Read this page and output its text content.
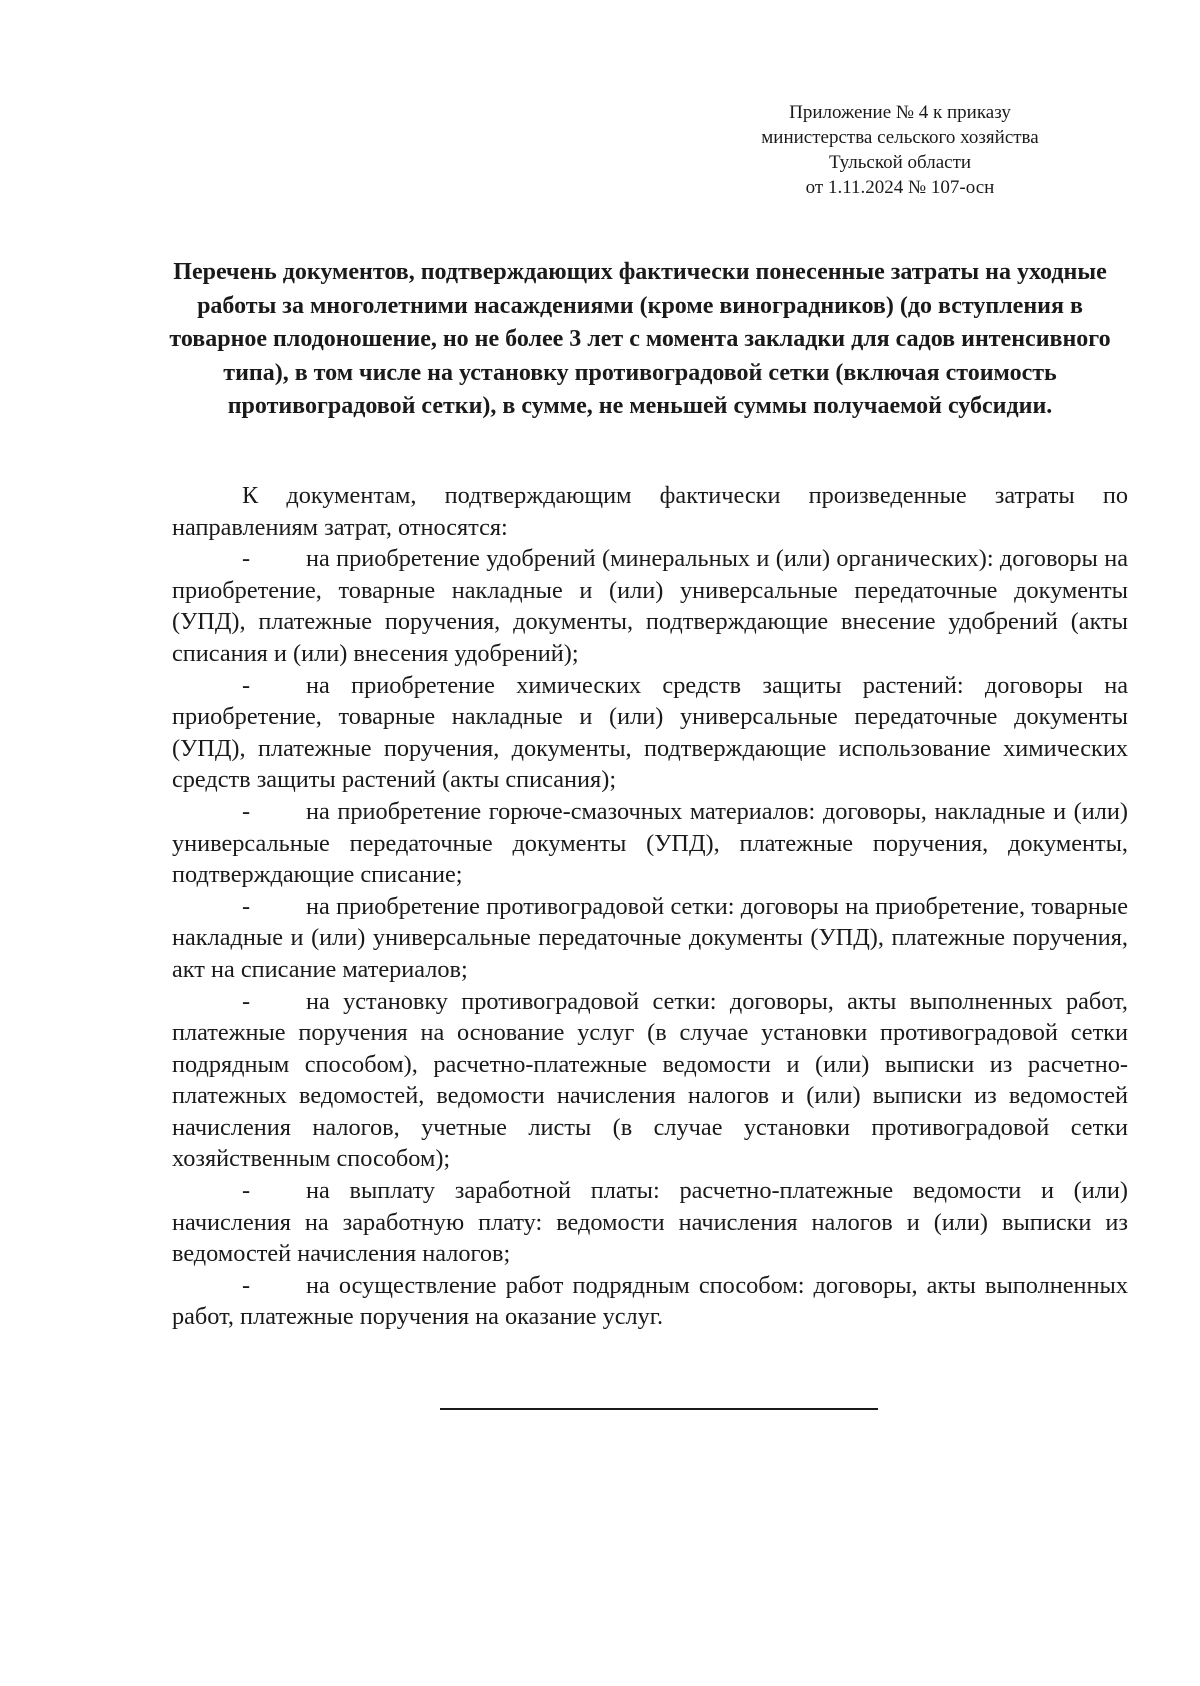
Приложение № 4 к приказу
министерства сельского хозяйства
Тульской области
от 1.11.2024 № 107-осн
Перечень документов, подтверждающих фактически понесенные затраты на уходные работы за многолетними насаждениями (кроме виноградников) (до вступления в товарное плодоношение, но не более 3 лет с момента закладки для садов интенсивного типа), в том числе на установку противоградовой сетки (включая стоимость противоградовой сетки), в сумме, не меньшей суммы получаемой субсидии.

К документам, подтверждающим фактически произведенные затраты по направлениям затрат, относятся:

- на приобретение удобрений (минеральных и (или) органических): договоры на приобретение, товарные накладные и (или) универсальные передаточные документы (УПД), платежные поручения, документы, подтверждающие внесение удобрений (акты списания и (или) внесения удобрений);

- на приобретение химических средств защиты растений: договоры на приобретение, товарные накладные и (или) универсальные передаточные документы (УПД), платежные поручения, документы, подтверждающие использование химических средств защиты растений (акты списания);

- на приобретение горюче-смазочных материалов: договоры, накладные и (или) универсальные передаточные документы (УПД), платежные поручения, документы, подтверждающие списание;

- на приобретение противоградовой сетки: договоры на приобретение, товарные накладные и (или) универсальные передаточные документы (УПД), платежные поручения, акт на списание материалов;

- на установку противоградовой сетки: договоры, акты выполненных работ, платежные поручения на основание услуг (в случае установки противоградовой сетки подрядным способом), расчетно-платежные ведомости и (или) выписки из расчетно-платежных ведомостей, ведомости начисления налогов и (или) выписки из ведомостей начисления налогов, учетные листы (в случае установки противоградовой сетки хозяйственным способом);

- на выплату заработной платы: расчетно-платежные ведомости и (или) начисления на заработную плату: ведомости начисления налогов и (или) выписки из ведомостей начисления налогов;

- на осуществление работ подрядным способом: договоры, акты выполненных работ, платежные поручения на оказание услуг.
